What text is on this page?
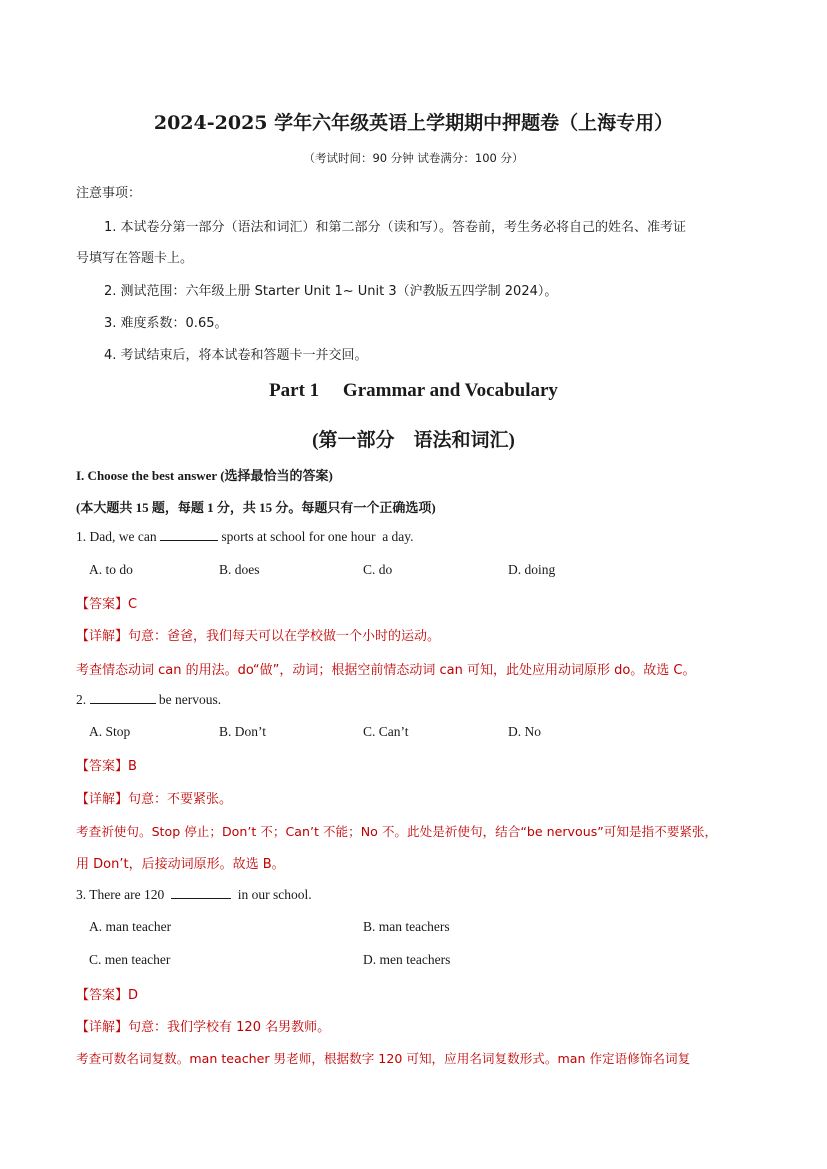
2024-2025 学年六年级英语上学期期中押题卷（上海专用）
（考试时间：90 分钟 试卷满分：100 分）
注意事项：
1. 本试卷分第一部分（语法和词汇）和第二部分（读和写）。答卷前，考生务必将自己的姓名、准考证
号填写在答题卡上。
2. 测试范围：六年级上册 Starter Unit 1~ Unit 3（沪教版五四学制 2024）。
3. 难度系数：0.65。
4. 考试结束后，将本试卷和答题卡一并交回。
Part 1     Grammar and Vocabulary
(第一部分    语法和词汇)
I. Choose the best answer (选择最恰当的答案)
(本大题共 15 题，每题 1 分，共 15 分。每题只有一个正确选项)
1. Dad, we can	sports at school for one hour  a day.
A. to do	B. does	C. do	D. doing
【答案】C
【详解】句意：爸爸，我们每天可以在学校做一个小时的运动。
考查情态动词 can 的用法。do“做”，动词；根据空前情态动词 can 可知，此处应用动词原形 do。故选 C。
2.	be nervous.
A. Stop	B. Don’t	C. Can’t	D. No
【答案】B
【详解】句意：不要紧张。
考查祈使句。Stop 停止；Don’t 不；Can’t 不能；No 不。此处是祈使句，结合“be nervous”可知是指不要紧张，
用 Don’t，后接动词原形。故选 B。
3. There are 120	in our school.
A. man teacher	B. man teachers
C. men teacher	D. men teachers
【答案】D
【详解】句意：我们学校有 120 名男教师。
考查可数名词复数。man teacher 男老师，根据数字 120 可知，应用名词复数形式。man 作定语修饰名词复
